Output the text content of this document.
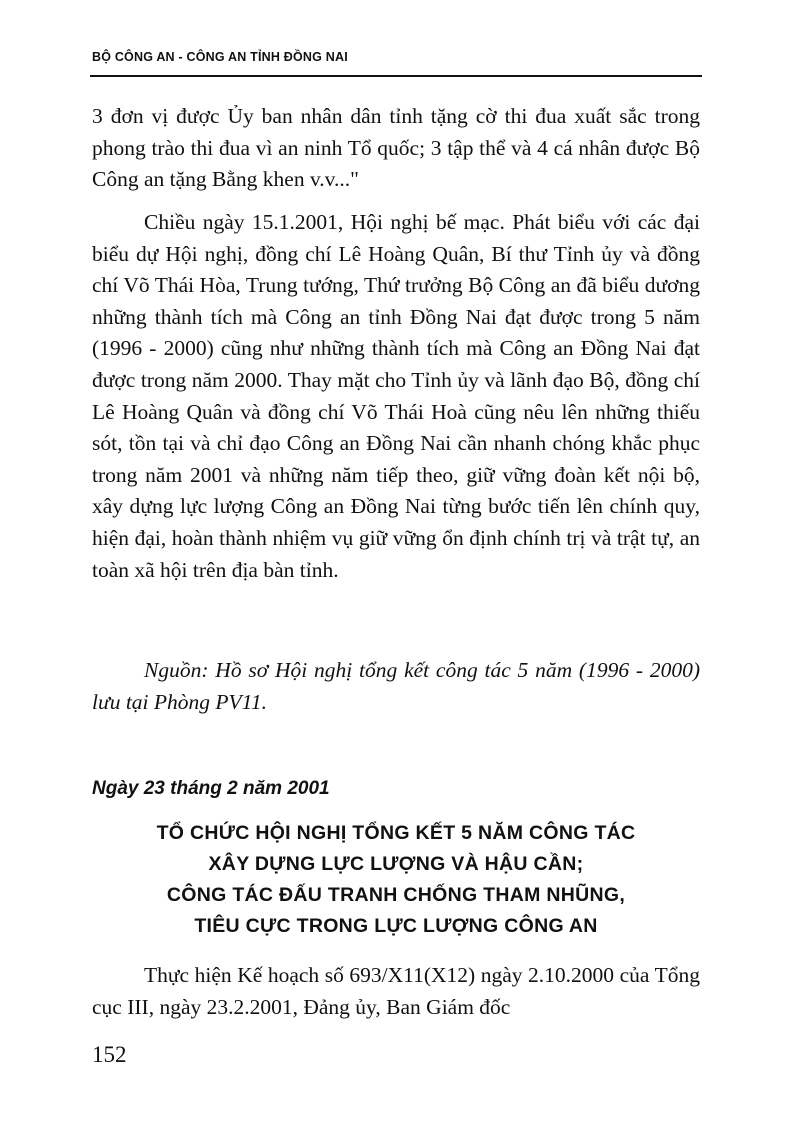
BỘ CÔNG AN - CÔNG AN TỈNH ĐỒNG NAI

3 đơn vị được Ủy ban nhân dân tỉnh tặng cờ thi đua xuất sắc trong phong trào thi đua vì an ninh Tổ quốc; 3 tập thể và 4 cá nhân được Bộ Công an tặng Bằng khen v.v..."

Chiều ngày 15.1.2001, Hội nghị bế mạc. Phát biểu với các đại biểu dự Hội nghị, đồng chí Lê Hoàng Quân, Bí thư Tỉnh ủy và đồng chí Võ Thái Hòa, Trung tướng, Thứ trưởng Bộ Công an đã biểu dương những thành tích mà Công an tỉnh Đồng Nai đạt được trong 5 năm (1996 - 2000) cũng như những thành tích mà Công an Đồng Nai đạt được trong năm 2000. Thay mặt cho Tỉnh ủy và lãnh đạo Bộ, đồng chí Lê Hoàng Quân và đồng chí Võ Thái Hoà cũng nêu lên những thiếu sót, tồn tại và chỉ đạo Công an Đồng Nai cần nhanh chóng khắc phục trong năm 2001 và những năm tiếp theo, giữ vững đoàn kết nội bộ, xây dựng lực lượng Công an Đồng Nai từng bước tiến lên chính quy, hiện đại, hoàn thành nhiệm vụ giữ vững ổn định chính trị và trật tự, an toàn xã hội trên địa bàn tỉnh.

Nguồn: Hồ sơ Hội nghị tổng kết công tác 5 năm (1996 - 2000) lưu tại Phòng PV11.

Ngày 23 tháng 2 năm 2001
TỔ CHỨC HỘI NGHỊ TỔNG KẾT 5 NĂM CÔNG TÁC
XÂY DỰNG LỰC LƯỢNG VÀ HẬU CẦN;
CÔNG TÁC ĐẤU TRANH CHỐNG THAM NHŨNG,
TIÊU CỰC TRONG LỰC LƯỢNG CÔNG AN

Thực hiện Kế hoạch số 693/X11(X12) ngày 2.10.2000 của Tổng cục III, ngày 23.2.2001, Đảng ủy, Ban Giám đốc

152
